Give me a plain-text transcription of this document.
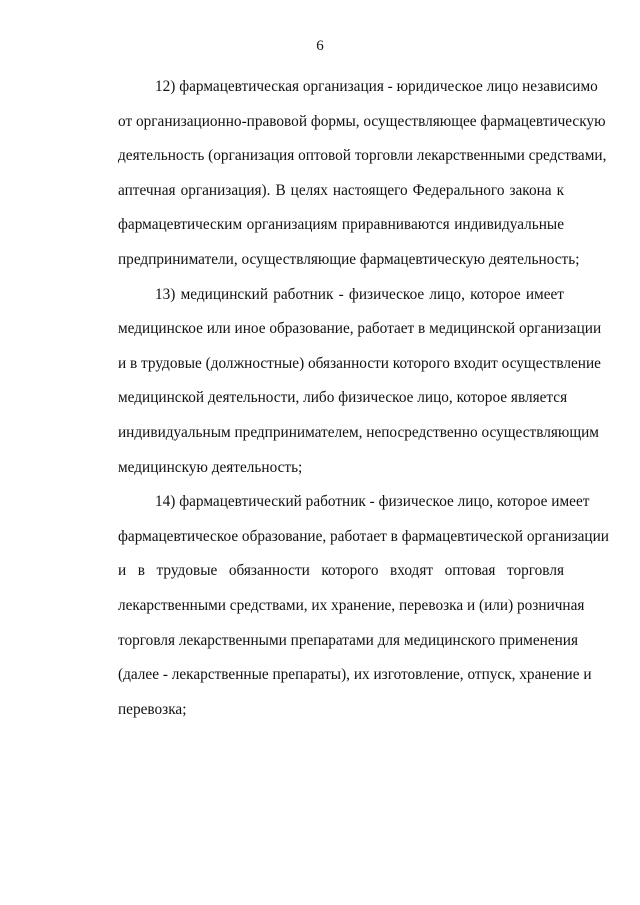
6

12) фармацевтическая организация - юридическое лицо независимо
от организационно-правовой формы, осуществляющее фармацевтическую
деятельность (организация оптовой торговли лекарственными средствами,
аптечная организация). В целях настоящего Федерального закона к
фармацевтическим организациям приравниваются индивидуальные
предприниматели, осуществляющие фармацевтическую деятельность;

13) медицинский работник - физическое лицо, которое имеет
медицинское или иное образование, работает в медицинской организации
и в трудовые (должностные) обязанности которого входит осуществление
медицинской деятельности, либо физическое лицо, которое является
индивидуальным предпринимателем, непосредственно осуществляющим
медицинскую деятельность;

14) фармацевтический работник - физическое лицо, которое имеет
фармацевтическое образование, работает в фармацевтической организации
и в трудовые обязанности которого входят оптовая торговля
лекарственными средствами, их хранение, перевозка и (или) розничная
торговля лекарственными препаратами для медицинского применения
(далее - лекарственные препараты), их изготовление, отпуск, хранение и
перевозка;
